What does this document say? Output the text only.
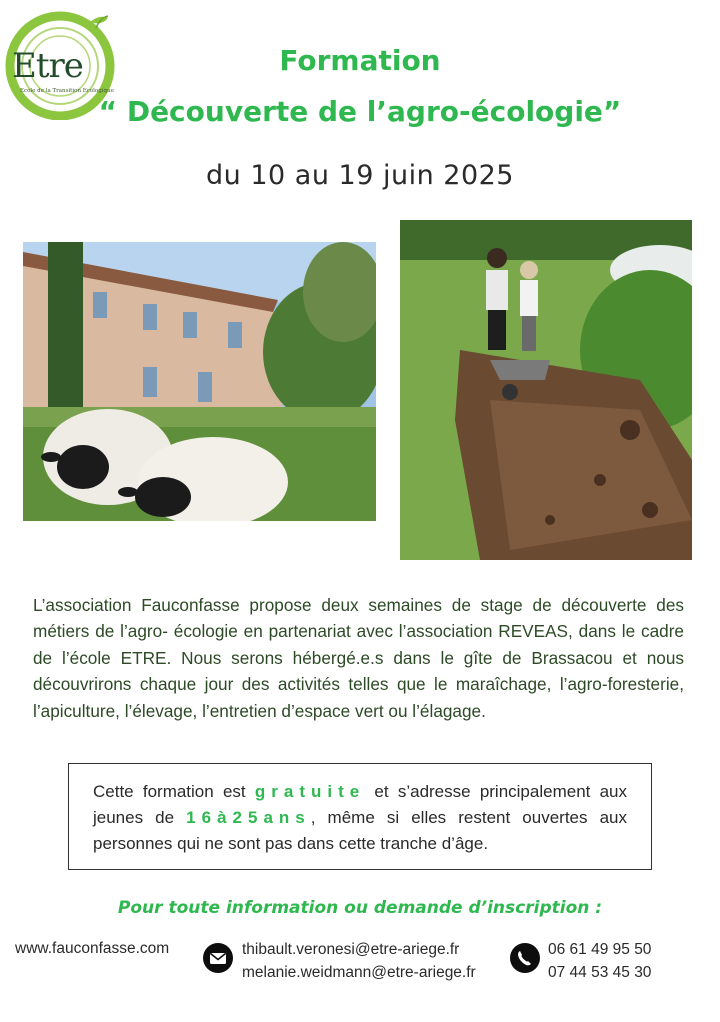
Etre
Ecole de la Transition Ecologique
Formation
“ Découverte de l’agro-écologie”
du 10 au 19 juin 2025

L’association Fauconfasse propose deux semaines de stage de découverte des métiers de l’agro- écologie en partenariat avec l’association REVEAS, dans le cadre de l’école ETRE. Nous serons hébergé.e.s dans le gîte de Brassacou et nous découvrirons chaque jour des activités telles que le maraîchage, l’agro-foresterie, l’apiculture, l’élevage, l’entretien d’espace vert ou l’élagage.

Cette formation est gratuite et s’adresse principalement aux jeunes de 16à25ans, même si elles restent ouvertes aux personnes qui ne sont pas dans cette tranche d’âge.
Pour toute information ou demande d’inscription :
www.fauconfasse.com	thibault.veronesi@etre-ariege.fr
melanie.weidmann@etre-ariege.fr
06 61 49 95 50
07 44 53 45 30
